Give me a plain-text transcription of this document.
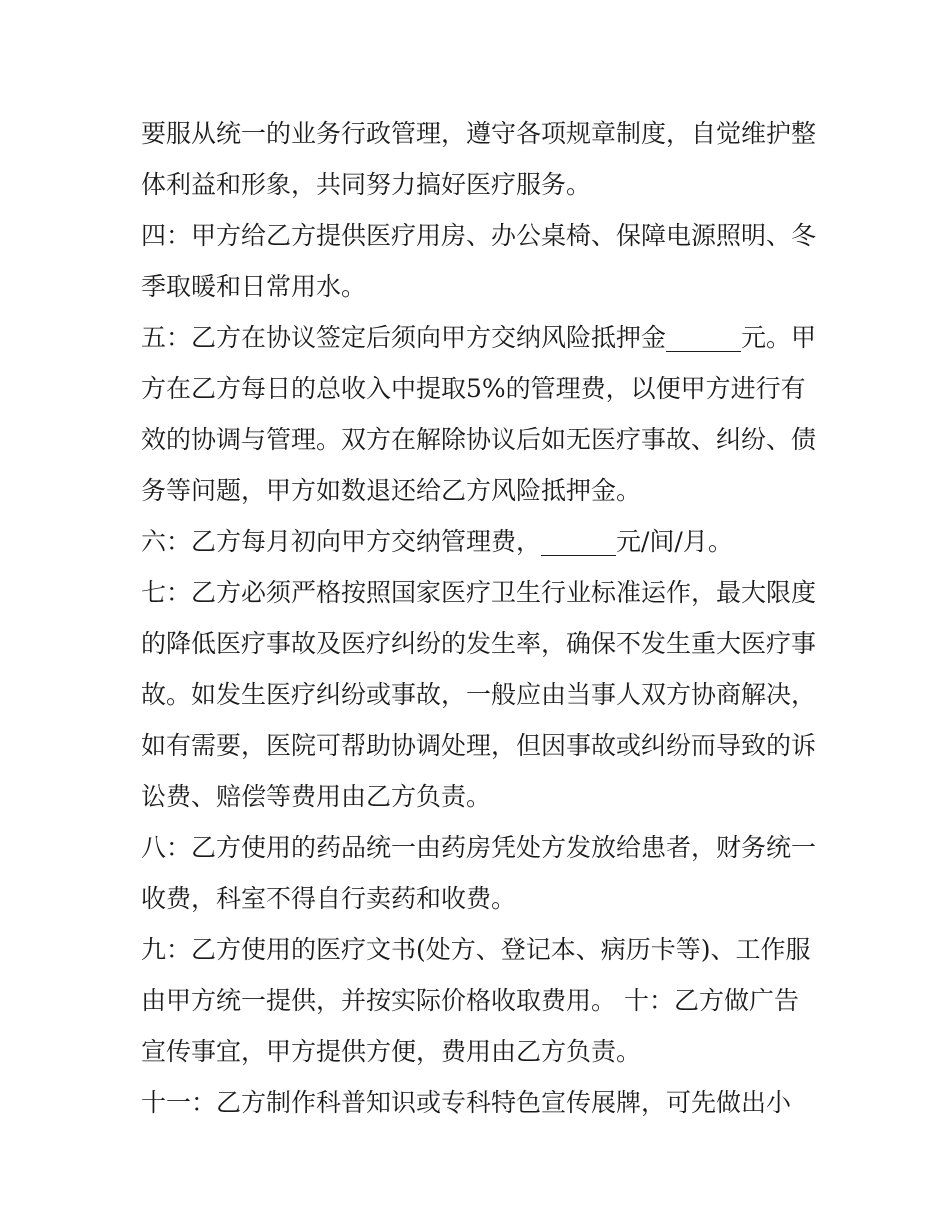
要服从统一的业务行政管理，遵守各项规章制度，自觉维护整体利益和形象，共同努力搞好医疗服务。

四：甲方给乙方提供医疗用房、办公桌椅、保障电源照明、冬季取暖和日常用水。

五：乙方在协议签定后须向甲方交纳风险抵押金______元。甲方在乙方每日的总收入中提取5%的管理费，以便甲方进行有效的协调与管理。双方在解除协议后如无医疗事故、纠纷、债务等问题，甲方如数退还给乙方风险抵押金。

六：乙方每月初向甲方交纳管理费，______元/间/月。

七：乙方必须严格按照国家医疗卫生行业标准运作，最大限度的降低医疗事故及医疗纠纷的发生率，确保不发生重大医疗事故。如发生医疗纠纷或事故，一般应由当事人双方协商解决，如有需要，医院可帮助协调处理，但因事故或纠纷而导致的诉讼费、赔偿等费用由乙方负责。

八：乙方使用的药品统一由药房凭处方发放给患者，财务统一收费，科室不得自行卖药和收费。

九：乙方使用的医疗文书(处方、登记本、病历卡等)、工作服由甲方统一提供，并按实际价格收取费用。 十：乙方做广告宣传事宜，甲方提供方便，费用由乙方负责。

十一：乙方制作科普知识或专科特色宣传展牌，可先做出小
